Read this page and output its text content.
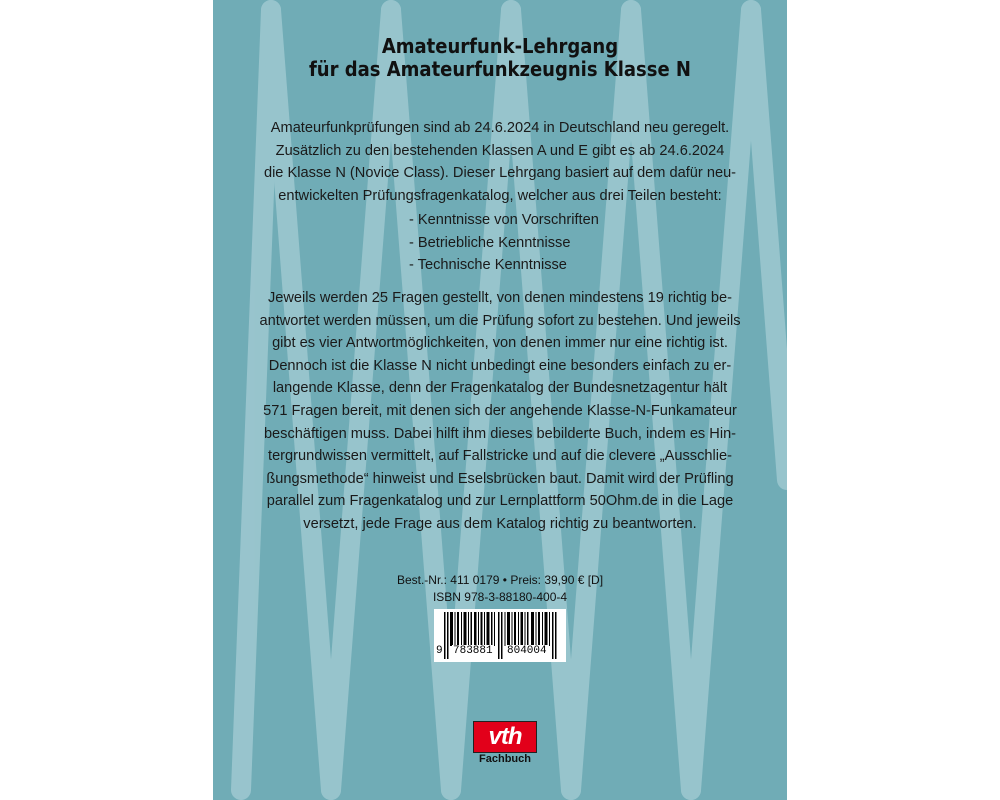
Amateurfunk-Lehrgang
für das Amateurfunkzeugnis Klasse N
Amateurfunkprüfungen sind ab 24.6.2024 in Deutschland neu geregelt.
Zusätzlich zu den bestehenden Klassen A und E gibt es ab 24.6.2024
die Klasse N (Novice Class). Dieser Lehrgang basiert auf dem dafür neu-
entwickelten Prüfungsfragenkatalog, welcher aus drei Teilen besteht:
- Kenntnisse von Vorschriften
- Betriebliche Kenntnisse
- Technische Kenntnisse
Jeweils werden 25 Fragen gestellt, von denen mindestens 19 richtig be-
antwortet werden müssen, um die Prüfung sofort zu bestehen. Und jeweils
gibt es vier Antwortmöglichkeiten, von denen immer nur eine richtig ist.
Dennoch ist die Klasse N nicht unbedingt eine besonders einfach zu er-
langende Klasse, denn der Fragenkatalog der Bundesnetzagentur hält
571 Fragen bereit, mit denen sich der angehende Klasse-N-Funkamateur
beschäftigen muss. Dabei hilft ihm dieses bebilderte Buch, indem es Hin-
tergrundwissen vermittelt, auf Fallstricke und auf die clevere „Ausschlie-
ßungsmethode“ hinweist und Eselsbrücken baut. Damit wird der Prüfling
parallel zum Fragenkatalog und zur Lernplattform 50Ohm.de in die Lage
versetzt, jede Frage aus dem Katalog richtig zu beantworten.
Best.-Nr.: 411 0179 • Preis: 39,90 € [D]
ISBN 978-3-88180-400-4
9 783881 804004
vth
Fachbuch
